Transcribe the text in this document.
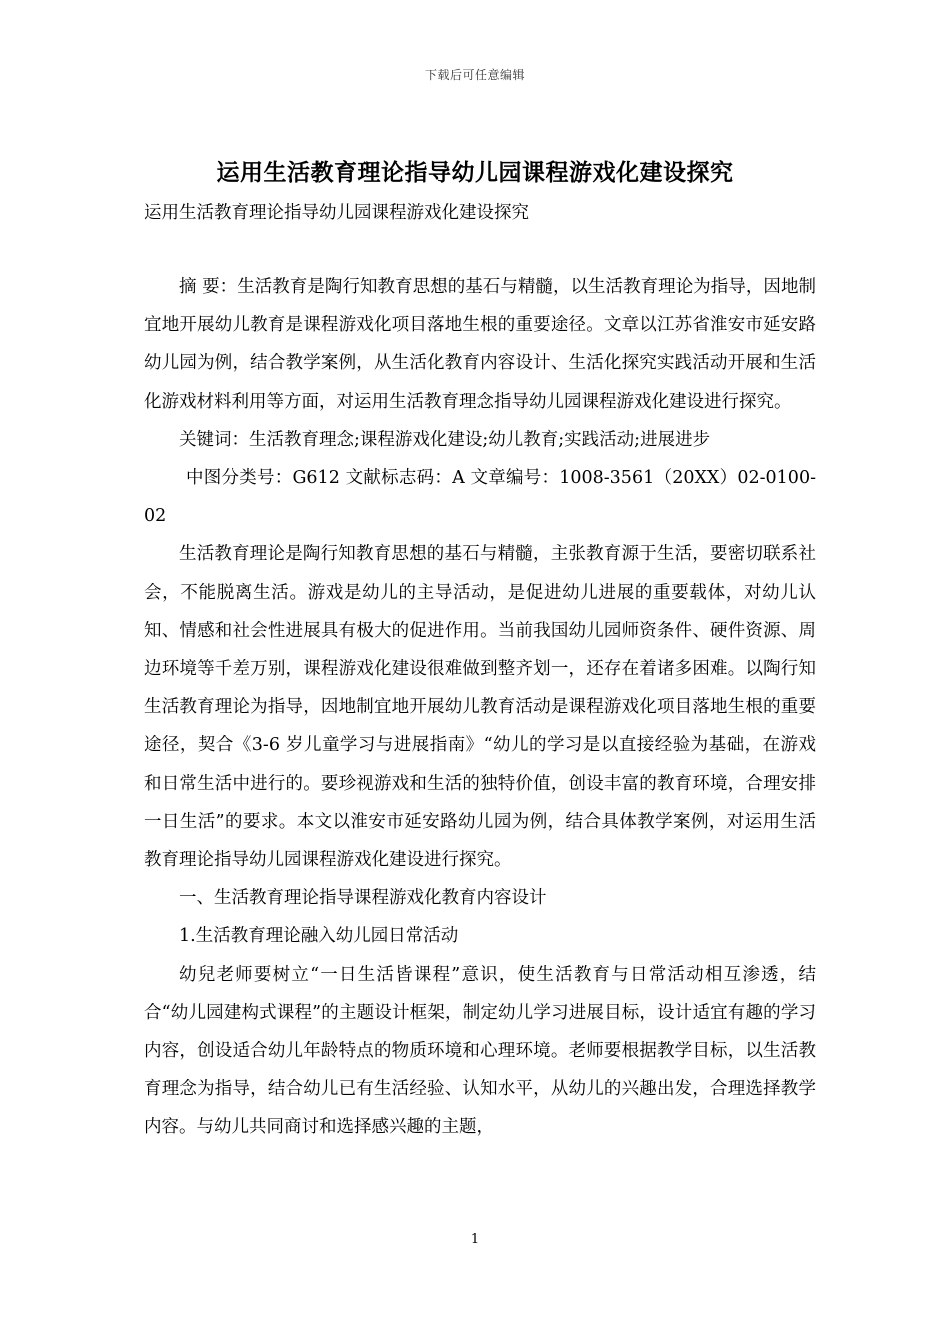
下载后可任意编辑
运用生活教育理论指导幼儿园课程游戏化建设探究
运用生活教育理论指导幼儿园课程游戏化建设探究

摘 要：生活教育是陶行知教育思想的基石与精髓，以生活教育理论为指导，因地制宜地开展幼儿教育是课程游戏化项目落地生根的重要途径。文章以江苏省淮安市延安路幼儿园为例，结合教学案例，从生活化教育内容设计、生活化探究实践活动开展和生活化游戏材料利用等方面，对运用生活教育理念指导幼儿园课程游戏化建设进行探究。

关键词：生活教育理念;课程游戏化建设;幼儿教育;实践活动;进展进步

中图分类号：G612 文献标志码：A 文章编号：1008-3561（20XX）02-0100-02

生活教育理论是陶行知教育思想的基石与精髓，主张教育源于生活，要密切联系社会，不能脱离生活。游戏是幼儿的主导活动，是促进幼儿进展的重要载体，对幼儿认知、情感和社会性进展具有极大的促进作用。当前我国幼儿园师资条件、硬件资源、周边环境等千差万别，课程游戏化建设很难做到整齐划一，还存在着诸多困难。以陶行知生活教育理论为指导，因地制宜地开展幼儿教育活动是课程游戏化项目落地生根的重要途径，契合《3-6 岁儿童学习与进展指南》“幼儿的学习是以直接经验为基础，在游戏和日常生活中进行的。要珍视游戏和生活的独特价值，创设丰富的教育环境，合理安排一日生活”的要求。本文以淮安市延安路幼儿园为例，结合具体教学案例，对运用生活教育理论指导幼儿园课程游戏化建设进行探究。

一、生活教育理论指导课程游戏化教育内容设计

1.生活教育理论融入幼儿园日常活动

幼兒老师要树立“一日生活皆课程”意识，使生活教育与日常活动相互渗透，结合“幼儿园建构式课程”的主题设计框架，制定幼儿学习进展目标，设计适宜有趣的学习内容，创设适合幼儿年龄特点的物质环境和心理环境。老师要根据教学目标，以生活教育理念为指导，结合幼儿已有生活经验、认知水平，从幼儿的兴趣出发，合理选择教学内容。与幼儿共同商讨和选择感兴趣的主题，

1
